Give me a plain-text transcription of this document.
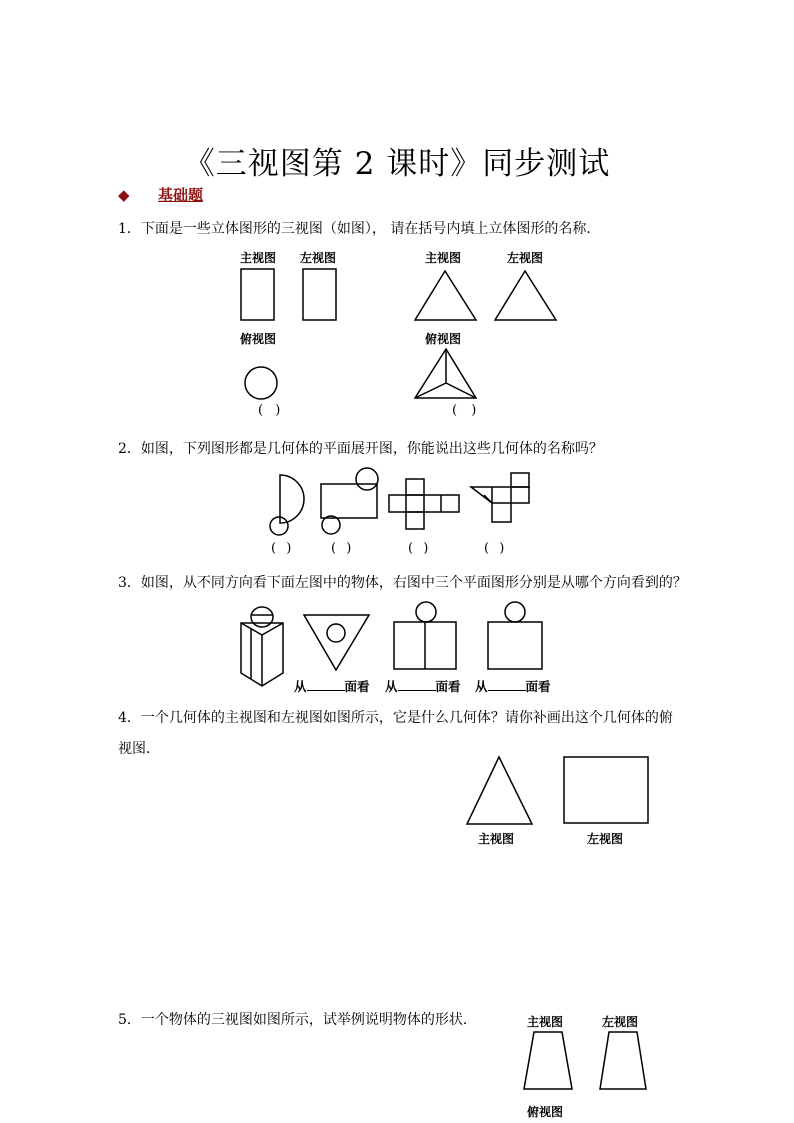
《三视图第 2 课时》同步测试
◆ 基础题
1．下面是一些立体图形的三视图（如图）， 请在括号内填上立体图形的名称．
主视图 左视图
俯视图
( )
主视图	左视图
俯视图
( )
2．如图，下列图形都是几何体的平面展开图，你能说出这些几何体的名称吗？
( )	( )	( )	( )
3．如图，从不同方向看下面左图中的物体，右图中三个平面图形分别是从哪个方向看到的？
从	面看 从	面看 从	面看
4．一个几何体的主视图和左视图如图所示，它是什么几何体？请你补画出这个几何体的俯
视图．
主视图	左视图
5．一个物体的三视图如图所示，试举例说明物体的形状．	主视图	左视图
俯视图
